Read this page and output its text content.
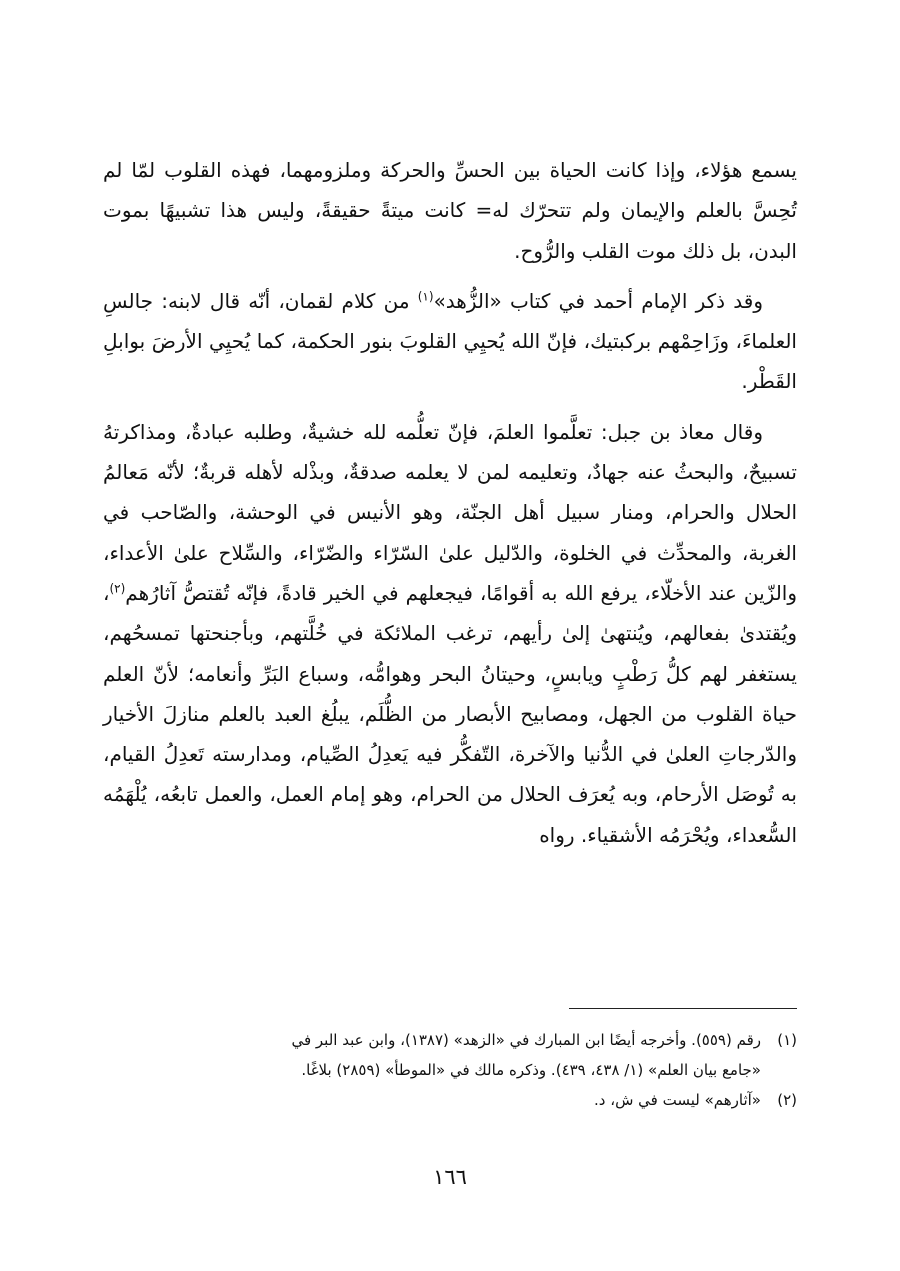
يسمع هؤلاء، وإذا كانت الحياة بين الحسِّ والحركة وملزومهما، فهذه القلوب لمّا لم تُحِسَّ بالعلم والإيمان ولم تتحرّك له= كانت ميتةً حقيقةً، وليس هذا تشبيهًا بموت البدن، بل ذلك موت القلب والرُّوح.

وقد ذكر الإمام أحمد في كتاب «الزُّهد»$^{(١)}$ من كلام لقمان، أنّه قال لابنه: جالسِ العلماءَ، وزَاحِمْهم بركبتيك، فإنّ الله يُحيِي القلوبَ بنور الحكمة، كما يُحيِي الأرضَ بوابلِ القَطْر.

وقال معاذ بن جبل: تعلَّموا العلمَ، فإنّ تعلُّمه لله خشيةٌ، وطلبه عبادةٌ، ومذاكرتهُ تسبيحٌ، والبحثُ عنه جهادٌ، وتعليمه لمن لا يعلمه صدقةٌ، وبذْله لأهله قربةٌ؛ لأنّه مَعالمُ الحلال والحرام، ومنار سبيل أهل الجنّة، وهو الأنيس في الوحشة، والصّاحب في الغربة، والمحدِّث في الخلوة، والدّليل علىٰ السّرّاء والضّرّاء، والسِّلاح علىٰ الأعداء، والزّين عند الأخلّاء، يرفع الله به أقوامًا، فيجعلهم في الخير قادةً، فإنّه تُقتصُّ آثارُهم$^{(٢)}$، ويُقتدىٰ بفعالهم، ويُنتهىٰ إلىٰ رأيهم، ترغب الملائكة في خُلَّتهم، وبأجنحتها تمسحُهم، يستغفر لهم كلُّ رَطْبٍ ويابسٍ، وحيتانُ البحر وهوامُّه، وسباع البَرِّ وأنعامه؛ لأنّ العلم حياة القلوب من الجهل، ومصابيح الأبصار من الظُّلَم، يبلُغ العبد بالعلم منازلَ الأخيار والدّرجاتِ العلىٰ في الدُّنيا والآخرة، التّفكُّر فيه يَعدِلُ الصِّيام، ومدارسته تَعدِلُ القيام، به تُوصَل الأرحام، وبه يُعرَف الحلال من الحرام، وهو إمام العمل، والعمل تابعُه، يُلْهَمُه السُّعداء، ويُحْرَمُه الأشقياء. رواه

(١)رقم (٥٥٩). وأخرجه أيضًا ابن المبارك في «الزهد» (١٣٨٧)، وابن عبد البر في
«جامع بيان العلم» (١/ ٤٣٨، ٤٣٩). وذكره مالك في «الموطأ» (٢٨٥٩) بلاغًا.
(٢)«آثارهم» ليست في ش، د.
١٦٦
